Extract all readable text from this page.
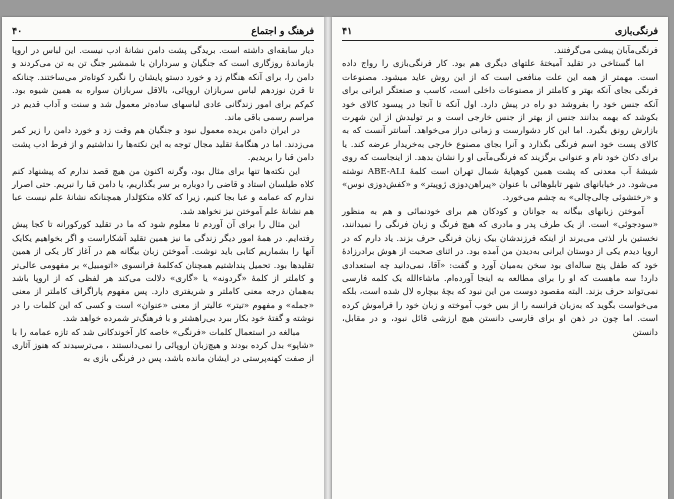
فرهنگ و اجتماع
۴۰

دیار سابقه‌ای داشته است. بریدگی پشت دامن نشانهٔ ادب نیست. این لباس در اروپا بازماندهٔ روزگاری است که جنگیان و سرداران با شمشیر جنگ تن به تن می‌کردند و دامن را، برای آنکه هنگام زد و خورد دستو پایشان را نگیرد کوتاه‌تر می‌ساختند. چنانکه تا قرن نوزدهم لباس سربازان اروپائی، بالاقل سربازان سواره به همین شیوه بود. کم‌کم برای امور زندگانی عادی لباسهای ساده‌تر معمول شد و سنت و آداب قدیم در مراسم رسمی باقی ماند.

در ایران دامن بریده معمول نبود و جنگیان هم وقت زد و خورد دامن را زیر کمر می‌زدند. اما در هنگامهٔ تقلید مجال توجه به این نکته‌ها را نداشتیم و از فرط ادب پشت دامن قبا را بریدیم.

این نکته‌ها تنها برای مثال بود، وگرنه اکنون من هیچ قصد ندارم که پیشنهاد کنم کلاه طیلسان استاد و قاضی را دوباره بر سر بگذاریم، یا دامن قبا را نبریم. حتی اصرار ندارم که عمامه و عبا بجا کنیم، زیرا که کلاه متکوّلدار همچنانکه نشانهٔ علم نیست عبا هم نشانهٔ علم آموختن نیز نخواهد شد.

این مثال را برای آن آوردم تا معلوم شود که ما در تقلید کورکورانه تا کجا پیش رفته‌ایم. در همهٔ امور دیگر زندگی ما نیز همین تقلید آشکاراست و اگر بخواهیم یکایک آنها را بشماریم کتابی باید نوشت. آموختن زبان بیگانه هم در آغاز کار یکی از همین تقلیدها بود. تحمیل پنداشتیم همچنان که‌کلمهٔ فرانسوی «اتومبیل» بر مفهومی عالی‌تر و کاملتر از کلمهٔ «گردونه» یا «گاری» دلالت می‌کند هر لفظی که از اروپا باشد به‌همان درجه معنی کاملتر و شریفتری دارد. پس مفهوم پاراگراف کاملتر از معنی «جمله» و مفهوم «تیتر» عالیتر از معنی «عنوان» است و کسی که این کلمات را در نوشته و گفتهٔ خود بکار ببرد بی‌راهشتر و با فرهنگ‌تر شمرده خواهد شد.

مبالغه در استعمال کلمات «فرنگی» خاصه کار آخوندکانی شد که تازه عمامه را با «شاپو» بدل کرده بودند و هیچ‌زبان اروپائی را نمی‌دانستند ، می‌ترسیدند که هنوز آثاری از صفت کهنه‌پرستی در ایشان مانده باشد، پس در فرنگی بازی به

فرنگی‌بازی
۴۱

فرنگی‌مآبان پیشی می‌گرفتند.

اما گستاخی در تقلید آمیختهٔ علتهای دیگری هم بود. کار فرنگی‌بازی را رواج داده است. مهمتر از همه این علت منافعی است که از این روش عاید میشود. مصنوعات فرنگی بجای آنکه بهتر و کاملتر از مصنوعات داخلی است، کاسب و صنعتگر ایرانی برای آنکه جنس خود را بفروشد دو راه در پیش دارد. اول آنکه تا آنجا در پیسود کالای خود بکوشد که بهمه بدانند جنس از بهتر از جنس خارجی است و بر تولیدش از این شهرت بازارش رونق بگیرد. اما این کار دشوارست و زمانی دراز می‌خواهد. آسانتر آنست که به کالای پست خود اسم فرنگی بگذارد و آنرا بجای مصنوع خارجی به‌خریدار عرضه کند. یا برای دکان خود نام و عنوانی برگزیند که فرنگی‌مآبی او را نشان بدهد. از اینجاست که روی شیشهٔ آب معدنی که پشت همین کوهپایهٔ شمال تهران است کلمهٔ ABE-ALI نوشته می‌شود. در خیابانهای شهر تابلوهائی با عنوان «پیراهن‌دوزی ژوپیتر» و «کفش‌دوزی نوس» و «رختشوئی چالی‌چالی» به چشم می‌خورد.

آموختن زبانهای بیگانه به جوانان و کودکان هم برای خودنمائی و هم به منظور «سودجوئی» است. از یک طرف پدر و مادری که هیچ فرنگ و زبان فرنگی را نمیدانند، نخستین بار لذتی می‌برند از اینکه فرزندشان بیک زبان فرنگی حرف بزند. یاد دارم که در اروپا دیدم یکی از دوستان ایرانی به‌دیدن من آمده بود. در اثنای صحبت از هوش برادرزادهٔ خود که طفل پنج ساله‌ای بود سخن به‌میان آورد و گفت: «آقا، نمی‌دانید چه استعدادی دارد! سه ماهست که او را برای مطالعه به اینجا آورده‌ام. ماشاءالله یک کلمه فارسی نمی‌تواند حرف بزند. البته مقصود دوست من این نبود که بچهٔ بیچاره لال شده است، بلکه می‌خواست بگوید که به‌زبان فرانسه را از بس خوب آموخته و زبان خود را فراموش کرده است. اما چون در ذهن او برای فارسی دانستن هیچ ارزشی قائل نبود، و در مقابل، دانستن
